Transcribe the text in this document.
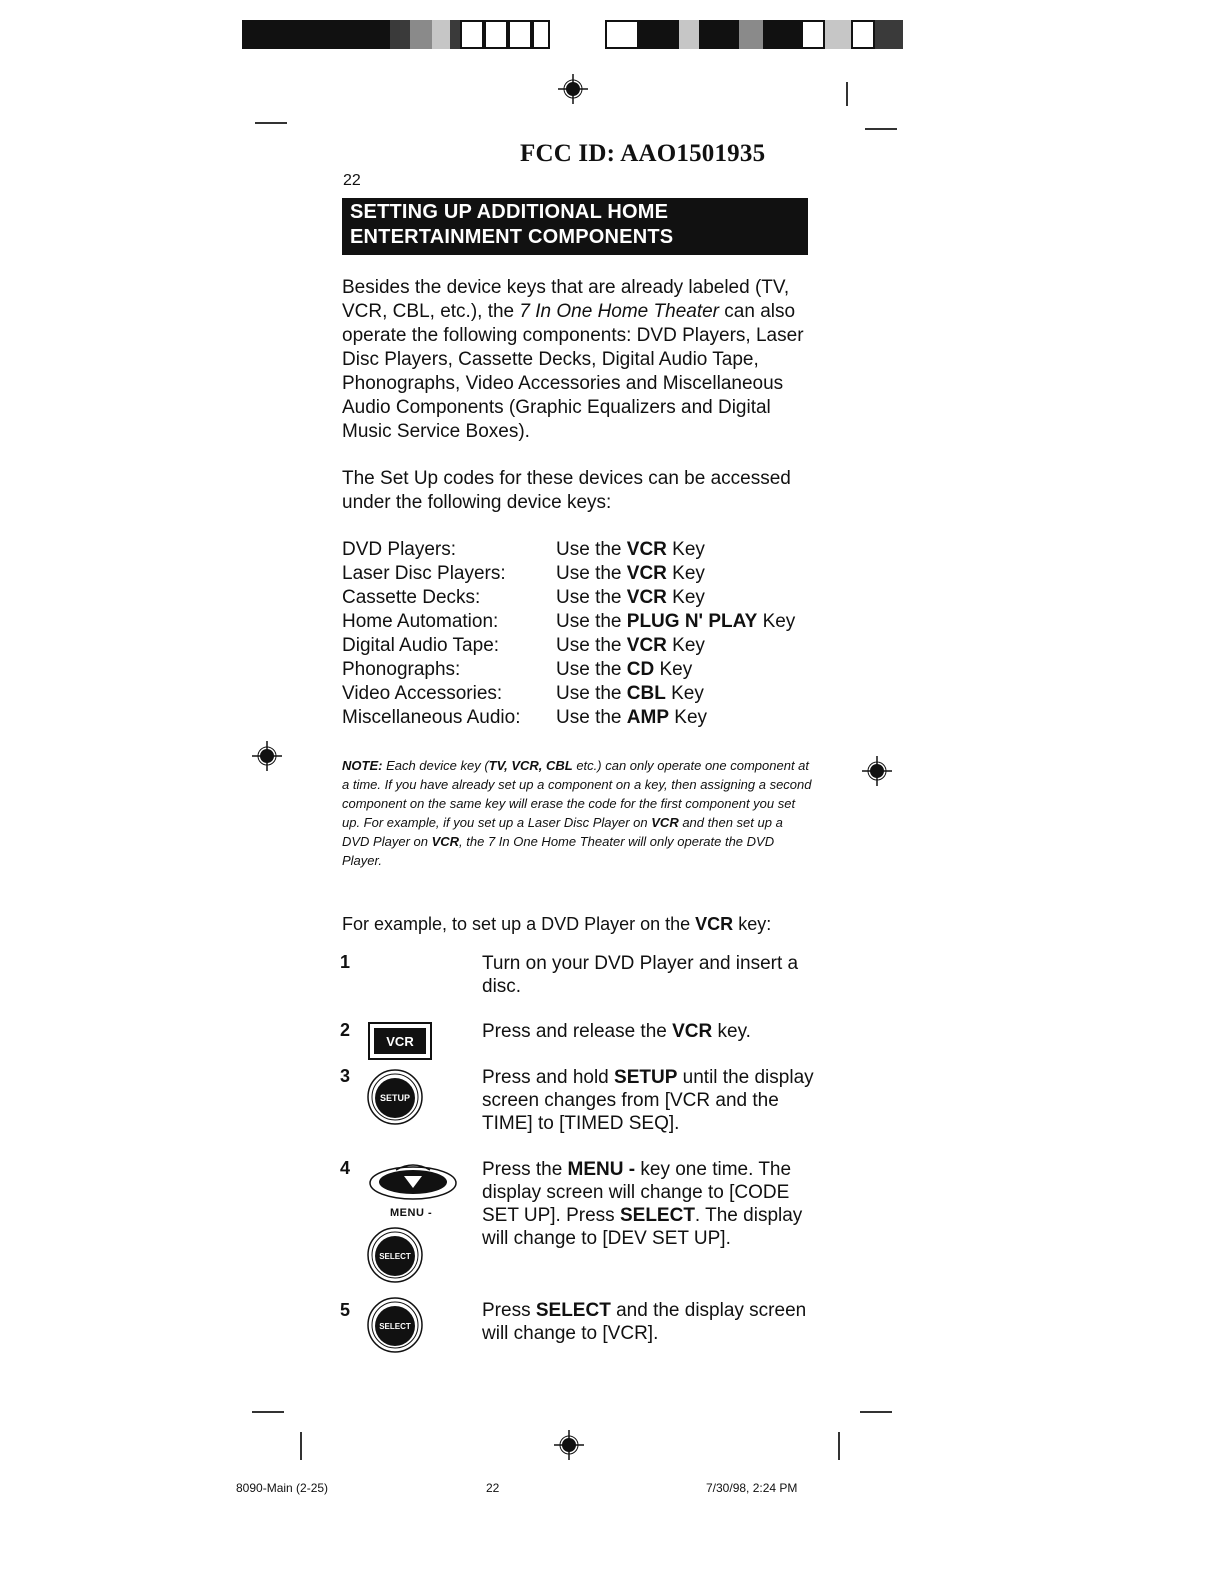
FCC ID: AAO1501935
22
SETTING UP ADDITIONAL HOME
ENTERTAINMENT COMPONENTS
Besides the device keys that are already labeled (TV, VCR, CBL, etc.), the 7 In One Home Theater can also operate the following components: DVD Players, Laser Disc Players, Cassette Decks, Digital Audio Tape, Phonographs, Video Accessories and Miscellaneous Audio Components (Graphic Equalizers and Digital Music Service Boxes).
The Set Up codes for these devices can be accessed under the following device keys:
DVD Players:	Use the VCR Key
Laser Disc Players:	Use the VCR Key
Cassette Decks:	Use the VCR Key
Home Automation:	Use the PLUG N' PLAY Key
Digital Audio Tape:	Use the VCR Key
Phonographs:	Use the CD Key
Video Accessories:	Use the CBL Key
Miscellaneous Audio:	Use the AMP Key
NOTE: Each device key (TV, VCR, CBL etc.) can only operate one component at a time. If you have already set up a component on a key, then assigning a second component on the same key will erase the code for the first component you set up. For example, if you set up a Laser Disc Player on VCR and then set up a DVD Player on VCR, the 7 In One Home Theater will only operate the DVD Player.
For example, to set up a DVD Player on the VCR key:
1	Turn on your DVD Player and insert a disc.
2
VCR	Press and release the VCR key.
3
SETUP
Press and hold SETUP until the display screen changes from [VCR and the TIME] to [TIMED SEQ].
4
MENU -
SELECT
Press the MENU - key one time. The display screen will change to [CODE SET UP]. Press SELECT. The display will change to [DEV SET UP].
5
SELECT
Press SELECT and the display screen will change to [VCR].
8090-Main (2-25)	22	7/30/98, 2:24 PM
